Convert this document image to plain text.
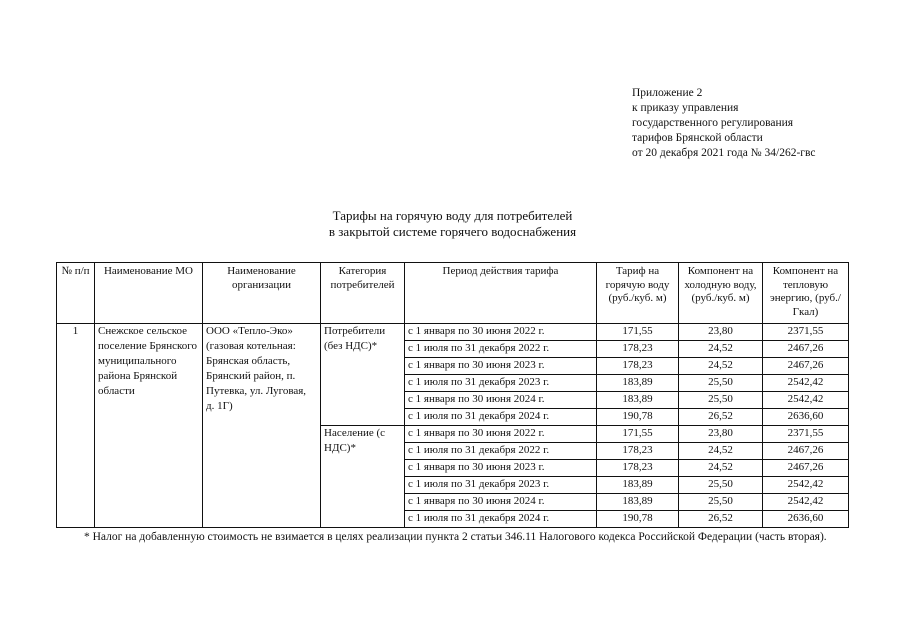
Приложение 2
к приказу управления
государственного регулирования
тарифов Брянской области
от 20 декабря 2021 года № 34/262-гвс
Тарифы на горячую воду для потребителей
в закрытой системе горячего водоснабжения
№ п/п	Наименование МО	Наименование организации	Категория потребителей	Период действия тарифа	Тариф на горячую воду (руб./куб. м)	Компонент на холодную воду, (руб./куб. м)	Компонент на тепловую энергию, (руб./Гкал)
1	Снежское сельское поселение Брянского муниципального района Брянской области	ООО «Тепло-Эко» (газовая котельная: Брянская область, Брянский район, п. Путевка, ул. Луговая, д. 1Г)	Потребители (без НДС)*	с 1 января по 30 июня 2022 г.	171,55	23,80	2371,55
				с 1 июля по 31 декабря 2022 г.	178,23	24,52	2467,26
				с 1 января по 30 июня 2023 г.	178,23	24,52	2467,26
				с 1 июля по 31 декабря 2023 г.	183,89	25,50	2542,42
				с 1 января по 30 июня 2024 г.	183,89	25,50	2542,42
				с 1 июля по 31 декабря 2024 г.	190,78	26,52	2636,60
			Население (с НДС)*	с 1 января по 30 июня 2022 г.	171,55	23,80	2371,55
				с 1 июля по 31 декабря 2022 г.	178,23	24,52	2467,26
				с 1 января по 30 июня 2023 г.	178,23	24,52	2467,26
				с 1 июля по 31 декабря 2023 г.	183,89	25,50	2542,42
				с 1 января по 30 июня 2024 г.	183,89	25,50	2542,42
				с 1 июля по 31 декабря 2024 г.	190,78	26,52	2636,60
* Налог на добавленную стоимость не взимается в целях реализации пункта 2 статьи 346.11 Налогового кодекса Российской Федерации (часть вторая).
